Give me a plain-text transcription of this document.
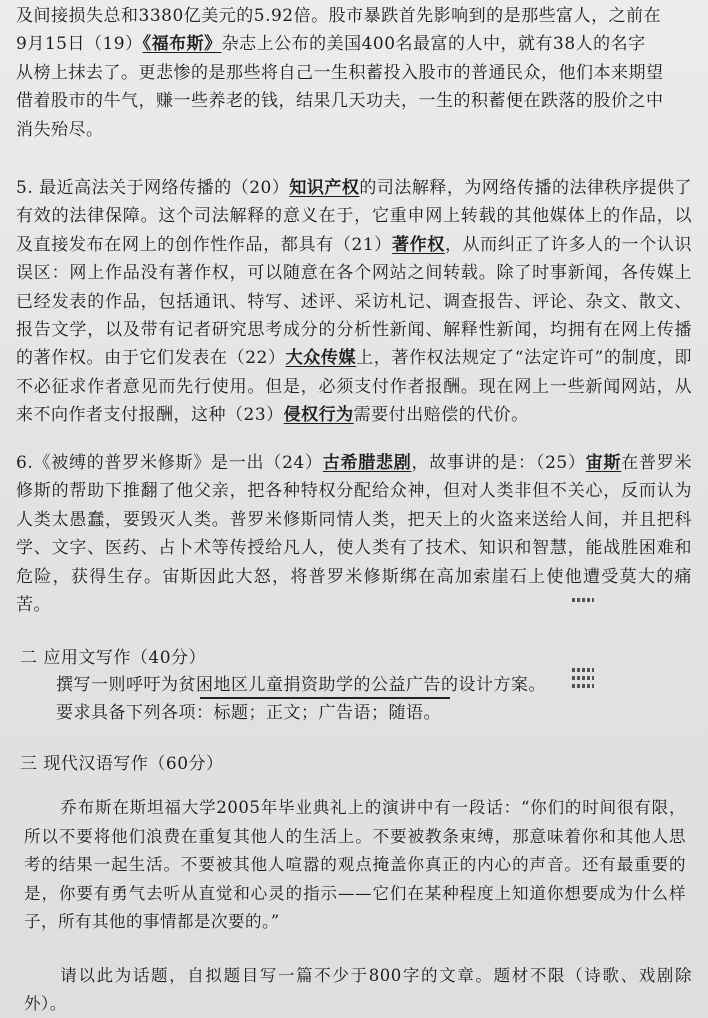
及间接损失总和3380亿美元的5.92倍。股市暴跌首先影响到的是那些富人，之前在
9月15日（19）《福布斯》杂志上公布的美国400名最富的人中，就有38人的名字
从榜上抹去了。更悲惨的是那些将自己一生积蓄投入股市的普通民众，他们本来期望
借着股市的牛气，赚一些养老的钱，结果几天功夫，一生的积蓄便在跌落的股价之中
消失殆尽。

5. 最近高法关于网络传播的（20）知识产权的司法解释，为网络传播的法律秩序提供了有效的法律保障。这个司法解释的意义在于，它重申网上转载的其他媒体上的作品，以及直接发布在网上的创作性作品，都具有（21）著作权，从而纠正了许多人的一个认识误区：网上作品没有著作权，可以随意在各个网站之间转载。除了时事新闻，各传媒上已经发表的作品，包括通讯、特写、述评、采访札记、调查报告、评论、杂文、散文、报告文学，以及带有记者研究思考成分的分析性新闻、解释性新闻，均拥有在网上传播的著作权。由于它们发表在（22）大众传媒上，著作权法规定了“法定许可”的制度，即不必征求作者意见而先行使用。但是，必须支付作者报酬。现在网上一些新闻网站，从来不向作者支付报酬，这种（23）侵权行为需要付出赔偿的代价。

6.《被缚的普罗米修斯》是一出（24）古希腊悲剧，故事讲的是：（25）宙斯在普罗米修斯的帮助下推翻了他父亲，把各种特权分配给众神，但对人类非但不关心，反而认为人类太愚蠢，要毁灭人类。普罗米修斯同情人类，把天上的火盗来送给人间，并且把科学、文字、医药、占卜术等传授给凡人，使人类有了技术、知识和智慧，能战胜困难和危险，获得生存。宙斯因此大怒，将普罗米修斯绑在高加索崖石上使他遭受莫大的痛苦。

二 应用文写作（40分）
撰写一则呼吁为贫困地区儿童捐资助学的公益广告的设计方案。
要求具备下列各项：标题；正文；广告语；随语。
三 现代汉语写作（60分）

乔布斯在斯坦福大学2005年毕业典礼上的演讲中有一段话：“你们的时间很有限，所以不要将他们浪费在重复其他人的生活上。不要被教条束缚，那意味着你和其他人思考的结果一起生活。不要被其他人喧嚣的观点掩盖你真正的内心的声音。还有最重要的是，你要有勇气去听从直觉和心灵的指示——它们在某种程度上知道你想要成为什么样子，所有其他的事情都是次要的。”

请以此为话题，自拟题目写一篇不少于800字的文章。题材不限（诗歌、戏剧除外）。
